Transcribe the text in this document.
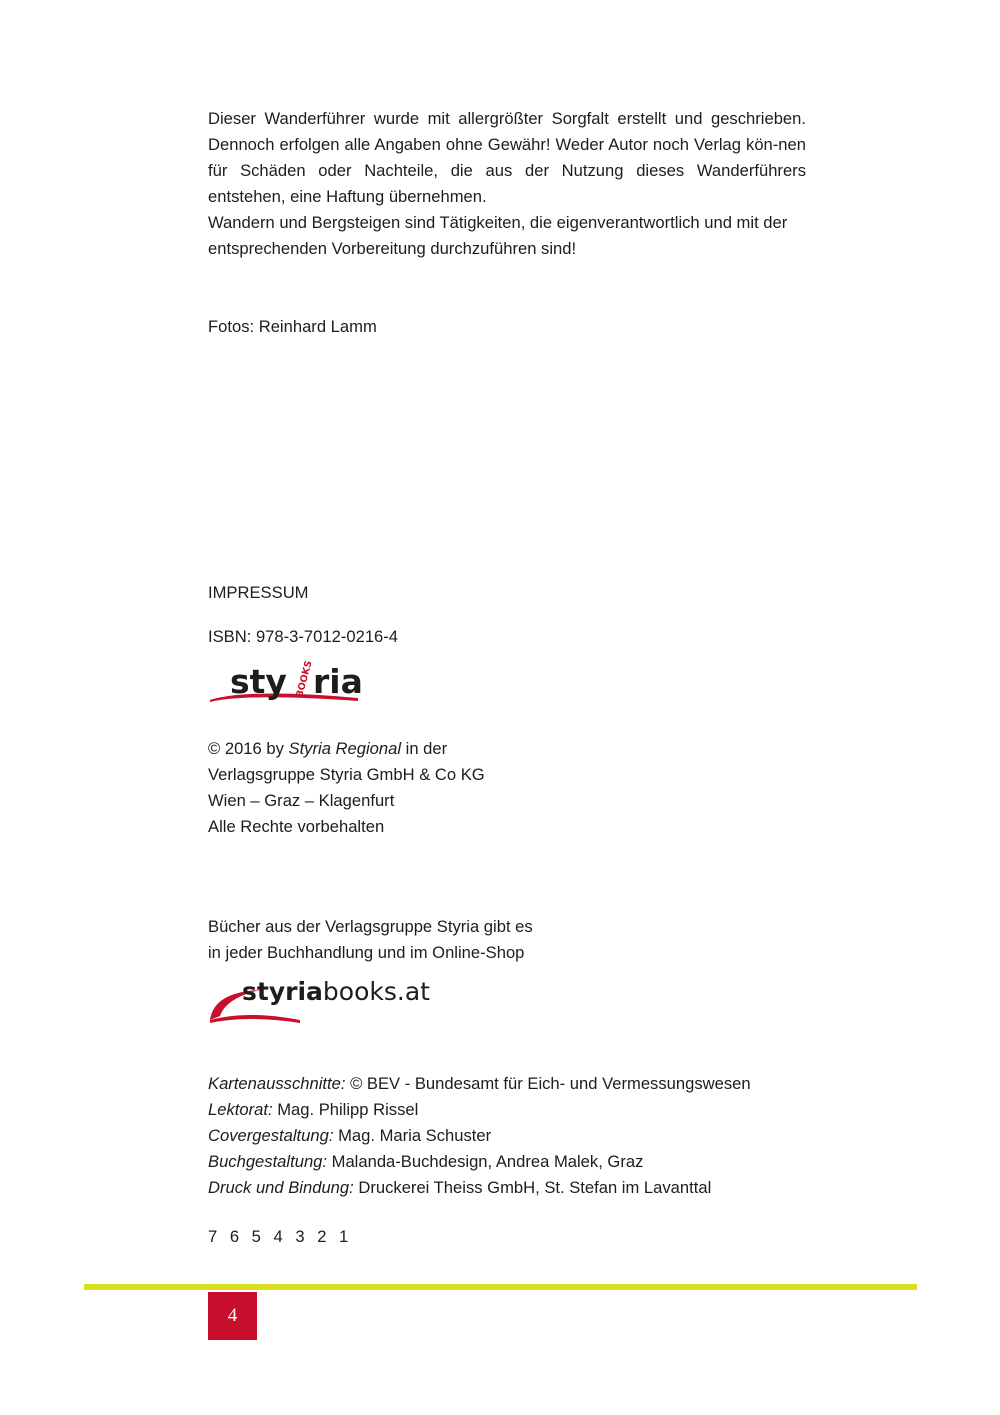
Dieser Wanderführer wurde mit allergrößter Sorgfalt erstellt und geschrieben. Dennoch erfolgen alle Angaben ohne Gewähr! Weder Autor noch Verlag kön-nen für Schäden oder Nachteile, die aus der Nutzung dieses Wanderführers entstehen, eine Haftung übernehmen.

Wandern und Bergsteigen sind Tätigkeiten, die eigenverantwortlich und mit der entsprechenden Vorbereitung durchzuführen sind!

Fotos: Reinhard Lamm

IMPRESSUM

ISBN: 978-3-7012-0216-4

sty ria
BOOKS

© 2016 by Styria Regional in der

Verlagsgruppe Styria GmbH & Co KG

Wien – Graz – Klagenfurt

Alle Rechte vorbehalten

Bücher aus der Verlagsgruppe Styria gibt es

in jeder Buchhandlung und im Online-Shop

styriabooks.at

Kartenausschnitte: © BEV - Bundesamt für Eich- und Vermessungswesen

Lektorat: Mag. Philipp Rissel

Covergestaltung: Mag. Maria Schuster

Buchgestaltung: Malanda-Buchdesign, Andrea Malek, Graz

Druck und Bindung: Druckerei Theiss GmbH, St. Stefan im Lavanttal

7 6 5 4 3 2 1

4
